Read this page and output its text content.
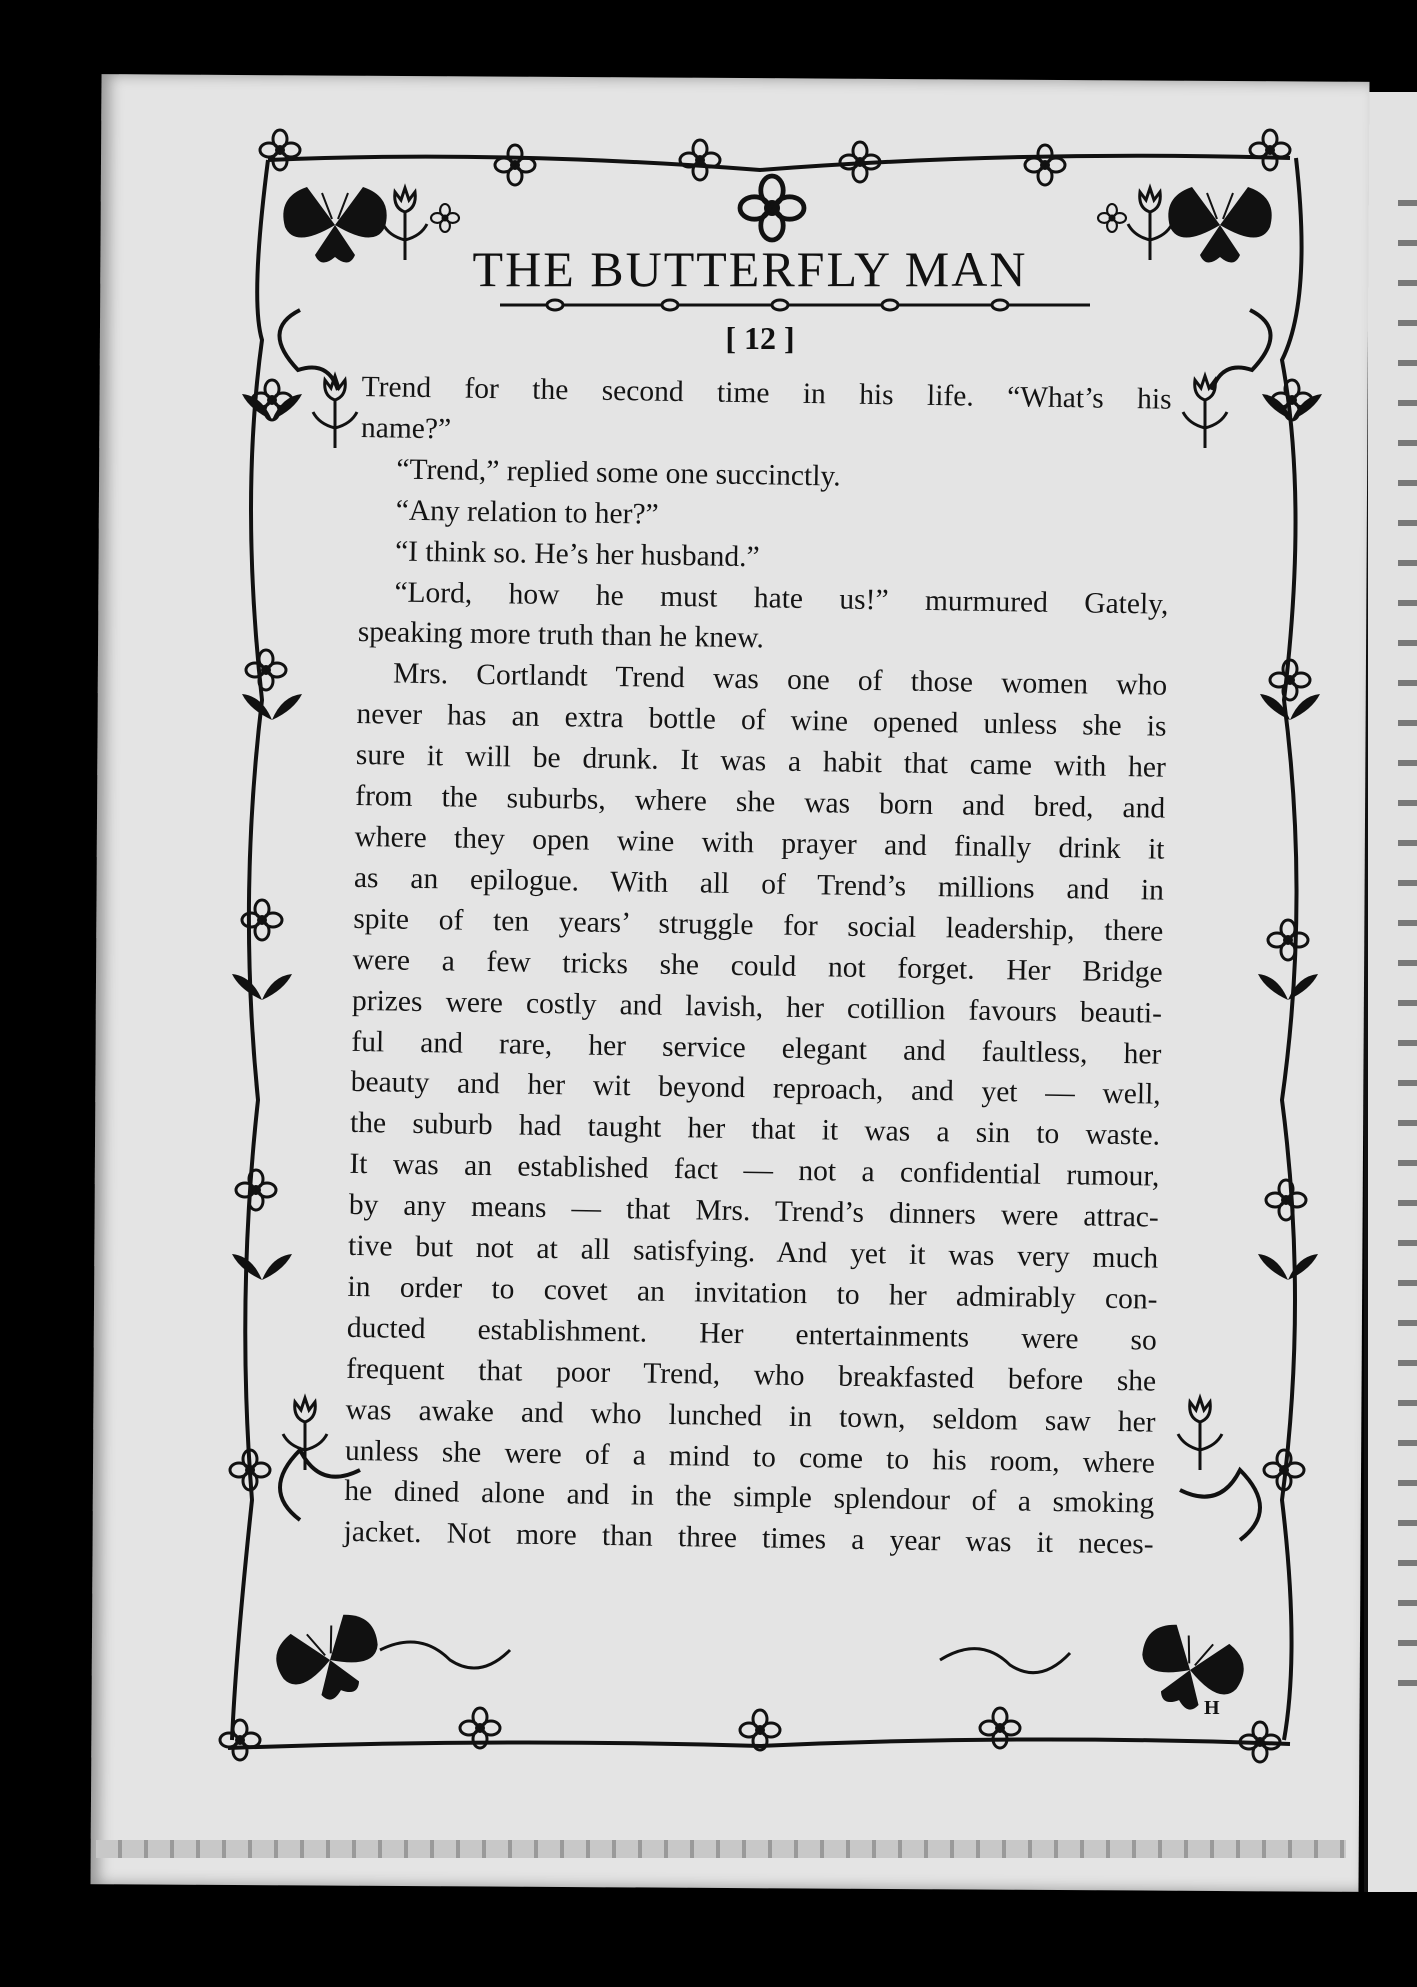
THE BUTTERFLY MAN
[ 12 ]
H
Trend for the second time in his life. “What’s his
name?”
“Trend,” replied some one succinctly.
“Any relation to her?”
“I think so. He’s her husband.”
“Lord, how he must hate us!” murmured Gately,
speaking more truth than he knew.
Mrs. Cortlandt Trend was one of those women who
never has an extra bottle of wine opened unless she is
sure it will be drunk. It was a habit that came with her
from the suburbs, where she was born and bred, and
where they open wine with prayer and finally drink it
as an epilogue. With all of Trend’s millions and in
spite of ten years’ struggle for social leadership, there
were a few tricks she could not forget. Her Bridge
prizes were costly and lavish, her cotillion favours beauti-
ful and rare, her service elegant and faultless, her
beauty and her wit beyond reproach, and yet — well,
the suburb had taught her that it was a sin to waste.
It was an established fact — not a confidential rumour,
by any means — that Mrs. Trend’s dinners were attrac-
tive but not at all satisfying. And yet it was very much
in order to covet an invitation to her admirably con-
ducted establishment. Her entertainments were so
frequent that poor Trend, who breakfasted before she
was awake and who lunched in town, seldom saw her
unless she were of a mind to come to his room, where
he dined alone and in the simple splendour of a smoking
jacket. Not more than three times a year was it neces-
